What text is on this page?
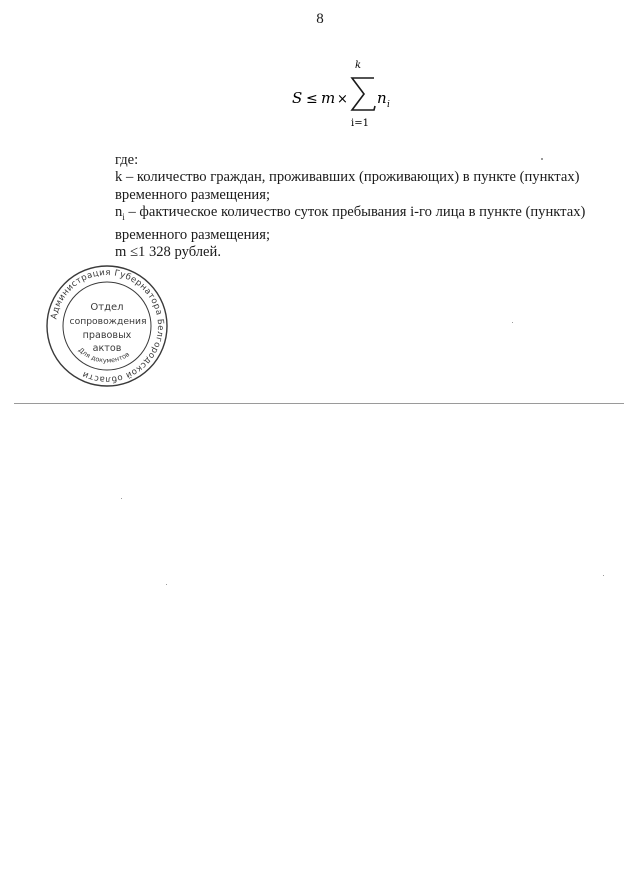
8
S ≤ m ×
k
i=1
n i

где:

k – количество граждан, проживавших (проживающих) в пункте (пунктах) временного размещения;

$n_i$ – фактическое количество суток пребывания i-го лица в пункте (пунктах) временного размещения;

m ≤1 328 рублей.

Администрация Губернатора Белгородской области
Для документов
Отдел
сопровождения
правовых
актов
